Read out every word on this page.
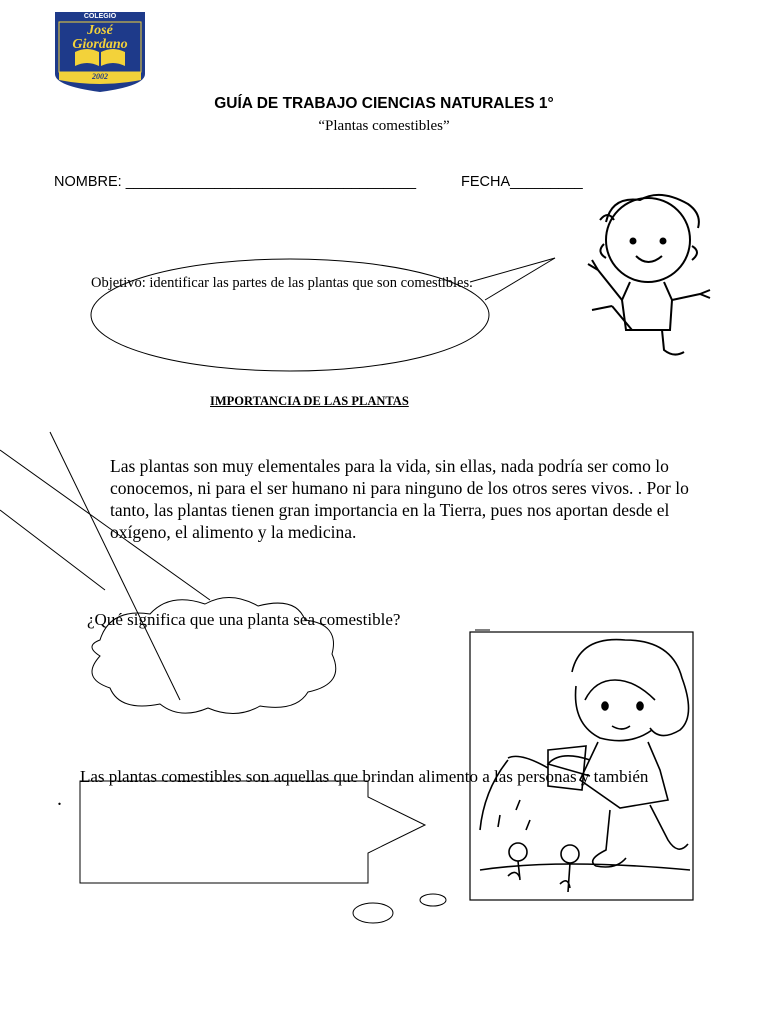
COLEGIO
José
Giordano
2002
GUÍA DE TRABAJO CIENCIAS NATURALES 1°
“Plantas comestibles”
NOMBRE: ____________________________________	FECHA_________
Objetivo: identificar las partes de las plantas que son comestibles.
IMPORTANCIA DE LAS PLANTAS
Las plantas son muy elementales para la vida, sin ellas, nada podría ser como lo conocemos, ni para el ser humano ni para ninguno de los otros seres vivos. . Por lo tanto, las plantas tienen gran importancia en la Tierra, pues nos aportan desde el oxígeno, el alimento y la medicina.
¿Qué significa que una planta sea comestible?
Las plantas comestibles son aquellas que brindan alimento a las personas y también
.
